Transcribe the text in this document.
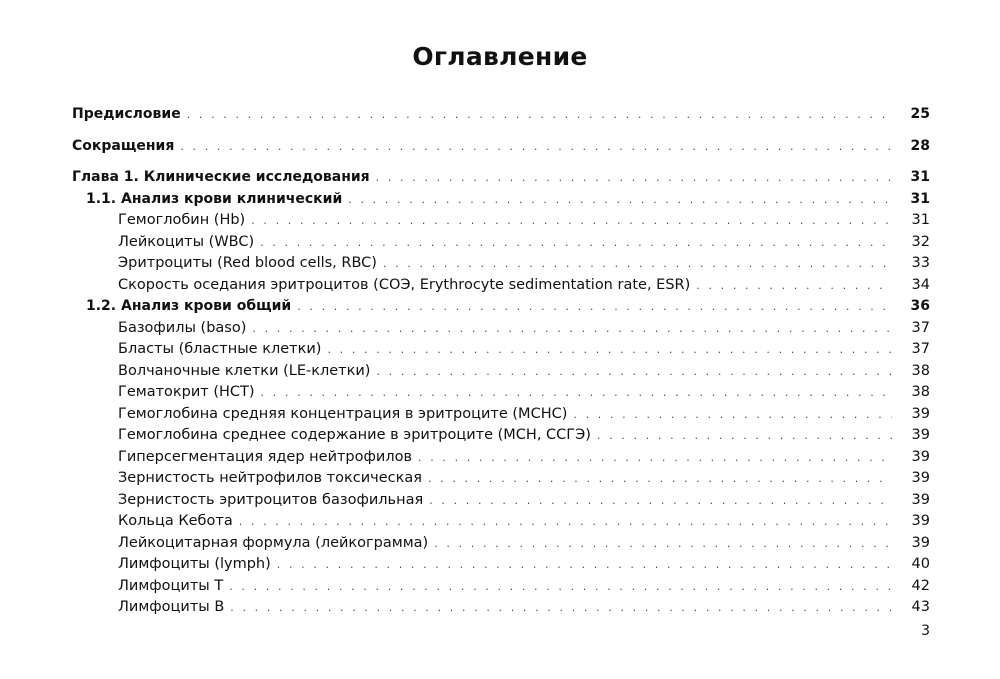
Оглавление
Предисловие . . .	25
Сокращения . . .	28
Глава 1. Клинические исследования . . .	31
1.1. Анализ крови клинический . . .	31
Гемоглобин (Hb) . . .	31
Лейкоциты (WBC) . . .	32
Эритроциты (Red blood cells, RBC) . . .	33
Скорость оседания эритроцитов (СОЭ, Erythrocyte sedimentation rate, ESR) . . .	34
1.2. Анализ крови общий . . .	36
Базофилы (baso) . . .	37
Бласты (бластные клетки) . . .	37
Волчаночные клетки (LE-клетки) . . .	38
Гематокрит (HCT) . . .	38
Гемоглобина средняя концентрация в эритроците (MCHC) . . .	39
Гемоглобина среднее содержание в эритроците (MCH, ССГЭ) . . .	39
Гиперсегментация ядер нейтрофилов . . .	39
Зернистость нейтрофилов токсическая . . .	39
Зернистость эритроцитов базофильная . . .	39
Кольца Кебота . . .	39
Лейкоцитарная формула (лейкограмма) . . .	39
Лимфоциты (lymph) . . .	40
Лимфоциты T . . .	42
Лимфоциты B . . .	43
3
